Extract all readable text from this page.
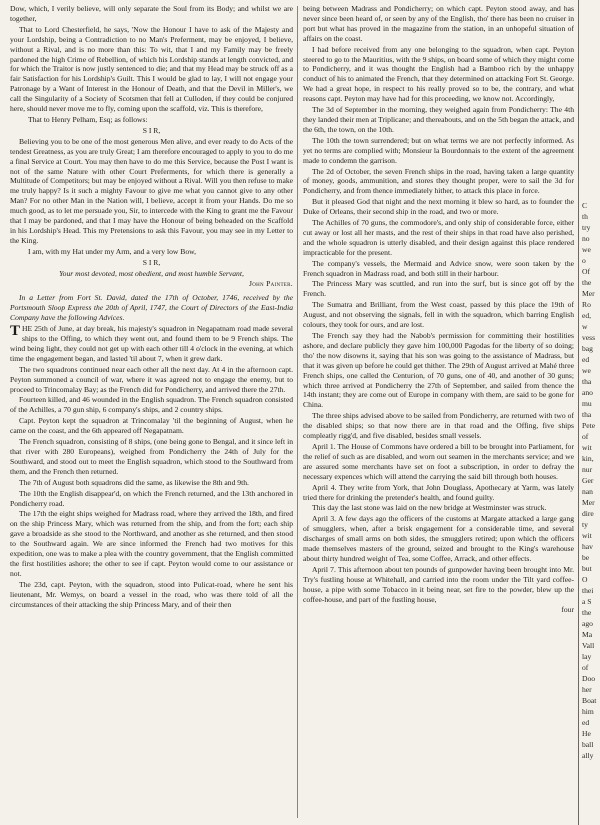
Dow, which, I verily believe, will only separate the Soul from its Body; and whilst we are together,

That to Lord Chesterfield, he says, 'Now the Honour I have to ask of the Majesty and your Lordship, being a Contradiction to no Man's Preferment, may be enjoyed, I believe, without a Rival, and is no more than this: To wit, that I and my Family may be freely pardoned the high Crime of Rebellion, of which his Lordship stands at length convicted, and for which the Traitor is now justly sentenced to die; and that my Head may be struck off as a fair Satisfaction for his Lordship's Guilt. This I would be glad to lay, I will not engage your Patronage by a Want of Interest in the Honour of Death, and that the Devil in Miller's, we call the Singularity of a Society of Scotsmen that fell at Culloden, if they could be conjured here, should never move me to fly, coming upon the scaffold, viz. This is therefore,

That to Henry Pelham, Esq; as follows:

S I R,

Believing you to be one of the most generous Men alive, and ever ready to do Acts of the tendest Greatness, as you are truly Great; I am therefore encouraged to apply to you to do me a final Service at Court. You may then have to do me this Service, because the Post I want is not of the same Nature with other Court Preferments, for which there is generally a Multitude of Competitors; but may be enjoyed without a Rival. Will you then refuse to make me truly happy? Is it such a mighty Favour to give me what you cannot give to any other Man? For no other Man in the Nation will, I believe, accept it from your Hands. Do me so much good, as to let me persuade you, Sir, to intercede with the King to grant me the Favour that I may be pardoned, and that I may have the Honour of being beheaded on the Scaffold in his Lordship's Head. This my Pretensions to ask this Favour, you may see in my Letter to the King.

I am, with my Hat under my Arm, and a very low Bow,

S I R,

Your most devoted, most obedient, and most humble Servant,

John Painter.

In a Letter from Fort St. David, dated the 17th of October, 1746, received by the Portsmouth Sloop Express the 20th of April, 1747, the Court of Directors of the East-India Company have the following Advices.

THE 25th of June, at day break, his majesty's squadron in Negapatnam road made several ships to the Offing, to which they went out, and found them to be 9 French ships. The wind being light, they could not get up with each other till 4 o'clock in the evening, at which time the engagement began, and lasted 'til about 7, when it grew dark.

The two squadrons continued near each other all the next day. At 4 in the afternoon capt. Peyton summoned a council of war, where it was agreed not to engage the enemy, but to proceed to Trincomalay Bay; as the French did for Pondicherry, and arrived there the 27th.

Fourteen killed, and 46 wounded in the English squadron. The French squadron consisted of the Achilles, a 70 gun ship, 6 company's ships, and 2 country ships.

Capt. Peyton kept the squadron at Trincomalay 'til the beginning of August, when he came on the coast, and the 6th appeared off Negapatnam.

The French squadron, consisting of 8 ships, (one being gone to Bengal, and it since left in that river with 280 Europeans), weighed from Pondicherry the 24th of July for the Southward, and stood out to meet the English squadron, which stood to the Southward from them, and the French then returned.

The 7th of August both squadrons did the same, as likewise the 8th and 9th.

The 10th the English disappear'd, on which the French returned, and the 13th anchored in Pondicherry road.

The 17th the eight ships weighed for Madrass road, where they arrived the 18th, and fired on the ship Princess Mary, which was returned from the ship, and from the fort; each ship gave a broadside as she stood to the Northward, and another as she returned, and then stood to the Southward again. We are since informed the French had two motives for this expedition, one was to make a plea with the country government, that the English committed the first hostilities ashore; the other to see if capt. Peyton would come to our assistance or not.

The 23d, capt. Peyton, with the squadron, stood into Pulicat-road, where he sent his lieutenant, Mr. Wemys, on board a vessel in the road, who was there told of all the circumstances of their attacking the ship Princess Mary, and of their then

being between Madrass and Pondicherry; on which capt. Peyton stood away, and has never since been heard of, or seen by any of the English, tho' there has been no cruiser in port but what has proved in the magazine from the station, in an unhopeful situation of affairs on the coast.

I had before received from any one belonging to the squadron, when capt. Peyton steered to go to the Mauritius, with the 9 ships, on board some of which they might come to Pondicherry, and it was thought the English had a Bamboo rich by the unhappy conduct of his to animated the French, that they determined on attacking Fort St. George. We had a great hope, in respect to his really proved so to be, the contrary, and what reasons capt. Peyton may have had for this proceeding, we know not. Accordingly,

The 3d of September in the morning, they weighed again from Pondicherry: The 4th they landed their men at Triplicane; and thereabouts, and on the 5th began the attack, and the 6th, the town, on the 10th.

The 10th the town surrendered; but on what terms we are not perfectly informed. As yet no terms are complied with; Monsieur la Bourdonnais to the extent of the agreement made to condemn the garrison.

The 2d of October, the seven French ships in the road, having taken a large quantity of money, goods, ammunition, and stores they thought proper, were to sail the 3d for Pondicherry, and from thence immediately hither, to attack this place in force.

But it pleased God that night and the next morning it blew so hard, as to founder the Duke of Orleans, their second ship in the road, and two or more.

The Achilles of 70 guns, the commodore's, and only ship of considerable force, either cut away or lost all her masts, and the rest of their ships in that road have also perished, and the whole squadron is utterly disabled, and their design against this place rendered impracticable for the present.

The company's vessels, the Mermaid and Advice snow, were soon taken by the French squadron in Madrass road, and both still in their harbour.

The Princess Mary was scuttled, and run into the surf, but is since got off by the French.

The Sumatra and Brilliant, from the West coast, passed by this place the 19th of August, and not observing the signals, fell in with the squadron, which barring English colours, they took for ours, and are lost.

The French say they had the Nabob's permission for committing their hostilities ashore, and declare publicly they gave him 100,000 Pagodas for the liberty of so doing; tho' the now disowns it, saying that his son was going to the assistance of Madrass, but that it was given up before he could get thither. The 29th of August arrived at Mahé three French ships, one called the Centurion, of 70 guns, one of 40, and another of 30 guns; which three arrived at Pondicherry the 27th of September, and sailed from thence the 14th instant; they are come out of Europe in company with them, are said to be gone for China.

The three ships advised above to be sailed from Pondicherry, are returned with two of the disabled ships; so that now there are in that road and the Offing, five ships compleatly rigg'd, and five disabled, besides small vessels.

April 1. The House of Commons have ordered a bill to be brought into Parliament, for the relief of such as are disabled, and worn out seamen in the merchants service; and we are assured some merchants have set on foot a subscription, in order to defray the necessary expences which will attend the carrying the said bill through both houses.

April 4. They write from York, that John Douglass, Apothecary at Yarm, was lately tried there for drinking the pretender's health, and found guilty.

This day the last stone was laid on the new bridge at Westminster was struck.

April 3. A few days ago the officers of the customs at Margate attacked a large gang of smugglers, when, after a brisk engagement for a considerable time, and several discharges of small arms on both sides, the smugglers retired; upon which the officers made themselves masters of the ground, seized and brought to the King's warehouse about thirty hundred weight of Tea, some Coffee, Arrack, and other effects.

April 7. This afternoon about ten pounds of gunpowder having been brought into Mr. Try's fustling house at Whitehall, and carried into the room under the Tilt yard coffee-house, a pipe with some Tobacco in it being near, set fire to the powder, blew up the coffee-house, and part of the fustling house,

four

C
th
try
no
we
o
Of
the
Mer
Ro
ed,
w
vess
bag
ed
we
tha
ano
mu
tha
Pete
of
wit
kin,
nur
Ger
nan
Mer
dire
ty
wit
hav
be
but
O
thei
a S
the
ago
Ma
Vall
lay
of
Doo
her
Boat
him
ed
He
ball
ally
